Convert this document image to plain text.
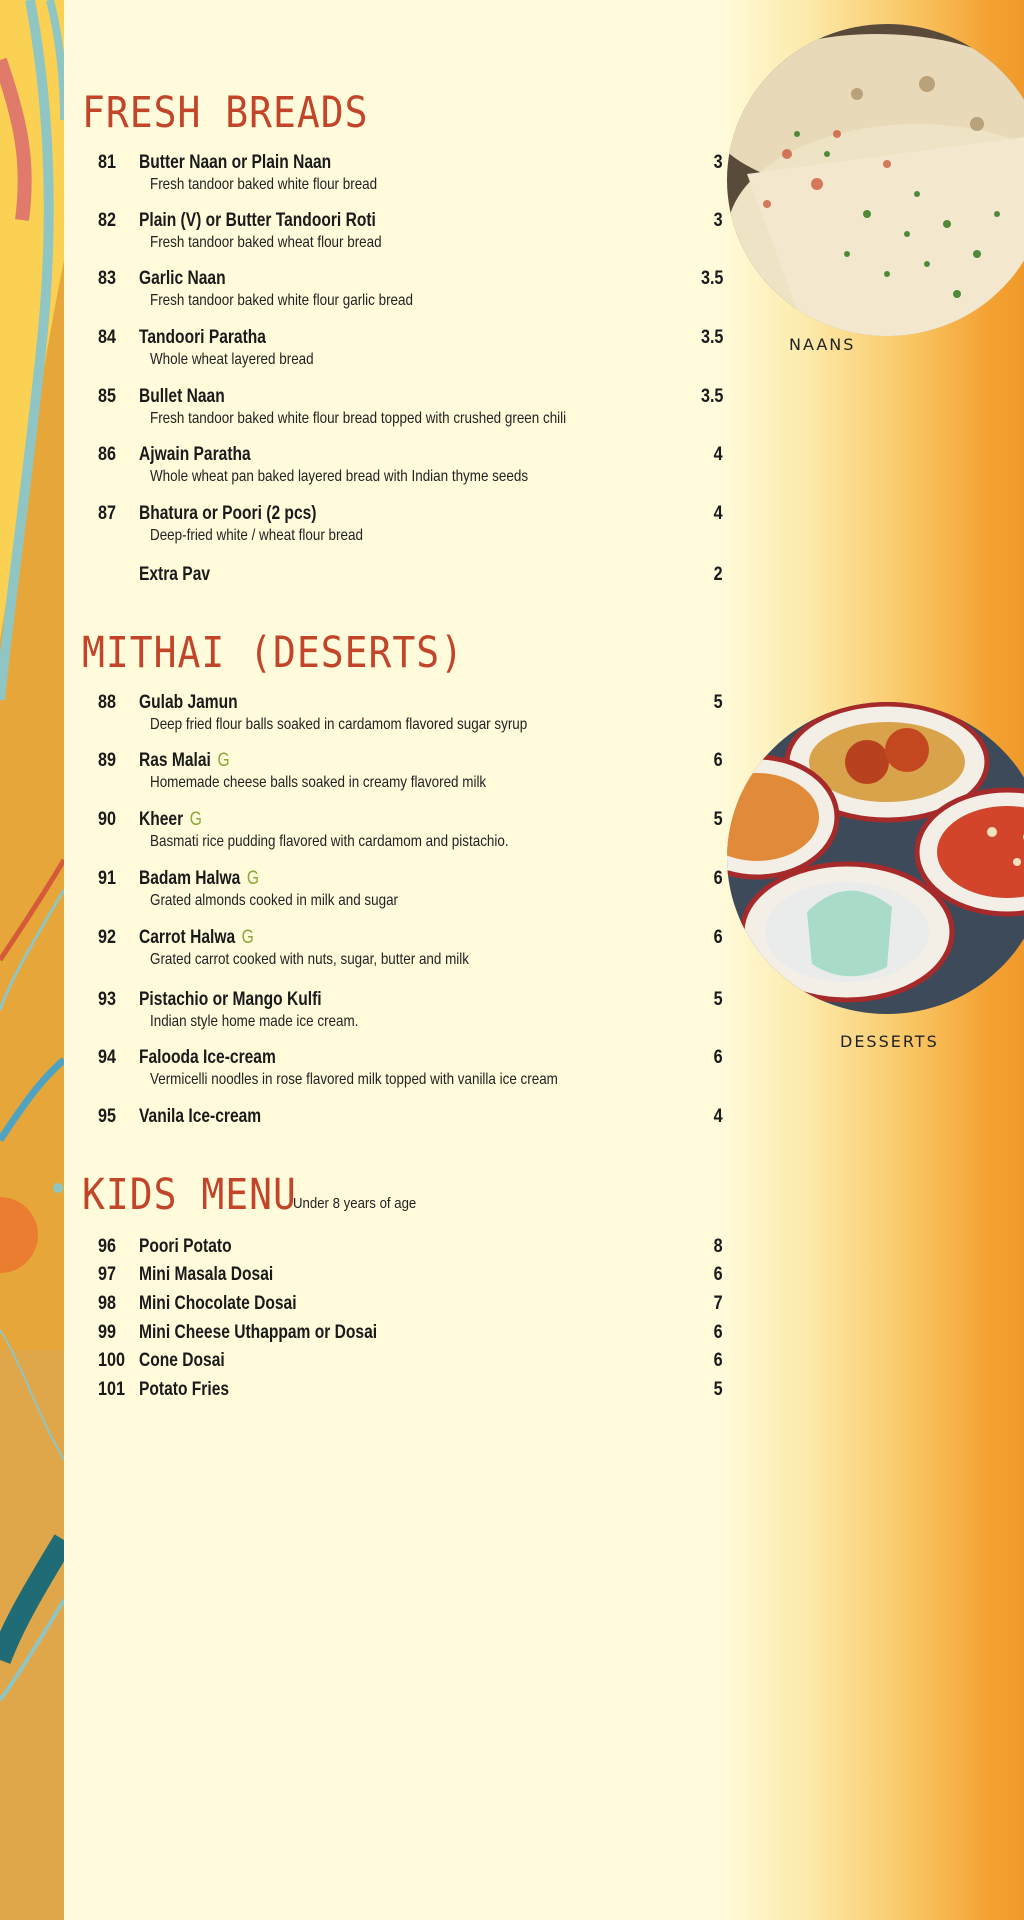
FRESH BREADS
81 Butter Naan or Plain Naan	3
Fresh tandoor baked white flour bread
82 Plain (V) or Butter Tandoori Roti	3
Fresh tandoor baked wheat flour bread
83 Garlic Naan	3.5
Fresh tandoor baked white flour garlic bread
84 Tandoori Paratha	3.5
Whole wheat layered bread
85 Bullet Naan	3.5
Fresh tandoor baked white flour bread topped with crushed green chili
86 Ajwain Paratha	4
Whole wheat pan baked layered bread with Indian thyme seeds
87 Bhatura or Poori (2 pcs)	4
Deep-fried white / wheat flour bread
Extra Pav	2
MITHAI (DESERTS)
88 Gulab Jamun	5
Deep fried flour balls soaked in cardamom flavored sugar syrup
89 Ras Malai G	6
Homemade cheese balls soaked in creamy flavored milk
90 Kheer G	5
Basmati rice pudding flavored with cardamom and pistachio.
91 Badam Halwa G	6
Grated almonds cooked in milk and sugar
92 Carrot Halwa G	6
Grated carrot cooked with nuts, sugar, butter and milk
93 Pistachio or Mango Kulfi	5
Indian style home made ice cream.
94 Falooda Ice-cream	6
Vermicelli noodles in rose flavored milk topped with vanilla ice cream
95 Vanila Ice-cream	4
KIDS MENU
Under 8 years of age
96 Poori Potato	8
97 Mini Masala Dosai	6
98 Mini Chocolate Dosai	7
99 Mini Cheese Uthappam or Dosai	6
100 Cone Dosai	6
101 Potato Fries	5
NAANS
DESSERTS
